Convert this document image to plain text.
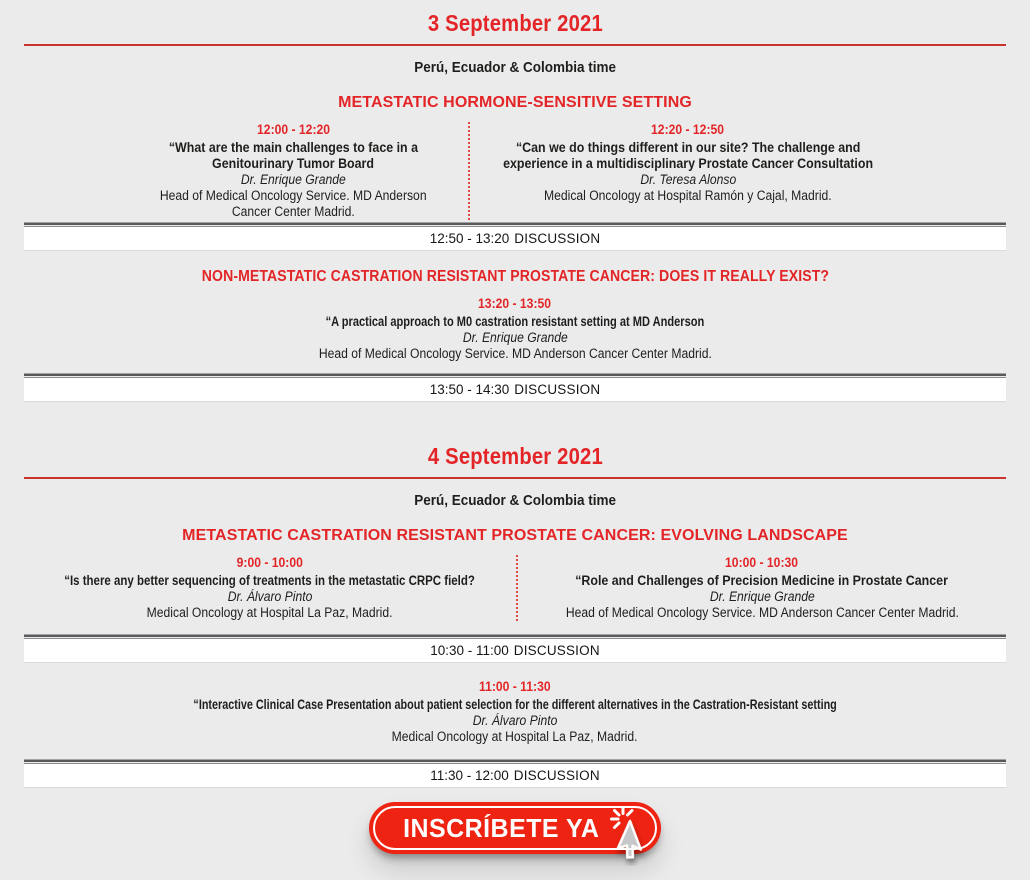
3 September 2021
Perú, Ecuador & Colombia time
METASTATIC HORMONE-SENSITIVE SETTING
12:00 - 12:20
“What are the main challenges to face in a
Genitourinary Tumor Board
Dr. Enrique Grande
Head of Medical Oncology Service. MD Anderson
Cancer Center Madrid.
12:20 - 12:50
“Can we do things different in our site? The challenge and
experience in a multidisciplinary Prostate Cancer Consultation
Dr. Teresa Alonso
Medical Oncology at Hospital Ramón y Cajal, Madrid.
12:50 - 13:20 DISCUSSION
NON-METASTATIC CASTRATION RESISTANT PROSTATE CANCER: DOES IT REALLY EXIST?
13:20 - 13:50
“A practical approach to M0 castration resistant setting at MD Anderson
Dr. Enrique Grande
Head of Medical Oncology Service. MD Anderson Cancer Center Madrid.
13:50 - 14:30 DISCUSSION
4 September 2021
Perú, Ecuador & Colombia time
METASTATIC CASTRATION RESISTANT PROSTATE CANCER: EVOLVING LANDSCAPE
9:00 - 10:00
“Is there any better sequencing of treatments in the metastatic CRPC field?
Dr. Álvaro Pinto
Medical Oncology at Hospital La Paz, Madrid.
10:00 - 10:30
“Role and Challenges of Precision Medicine in Prostate Cancer
Dr. Enrique Grande
Head of Medical Oncology Service. MD Anderson Cancer Center Madrid.
10:30 - 11:00 DISCUSSION
11:00 - 11:30
“Interactive Clinical Case Presentation about patient selection for the different alternatives in the Castration-Resistant setting
Dr. Álvaro Pinto
Medical Oncology at Hospital La Paz, Madrid.
11:30 - 12:00 DISCUSSION
INSCRÍBETE YA
